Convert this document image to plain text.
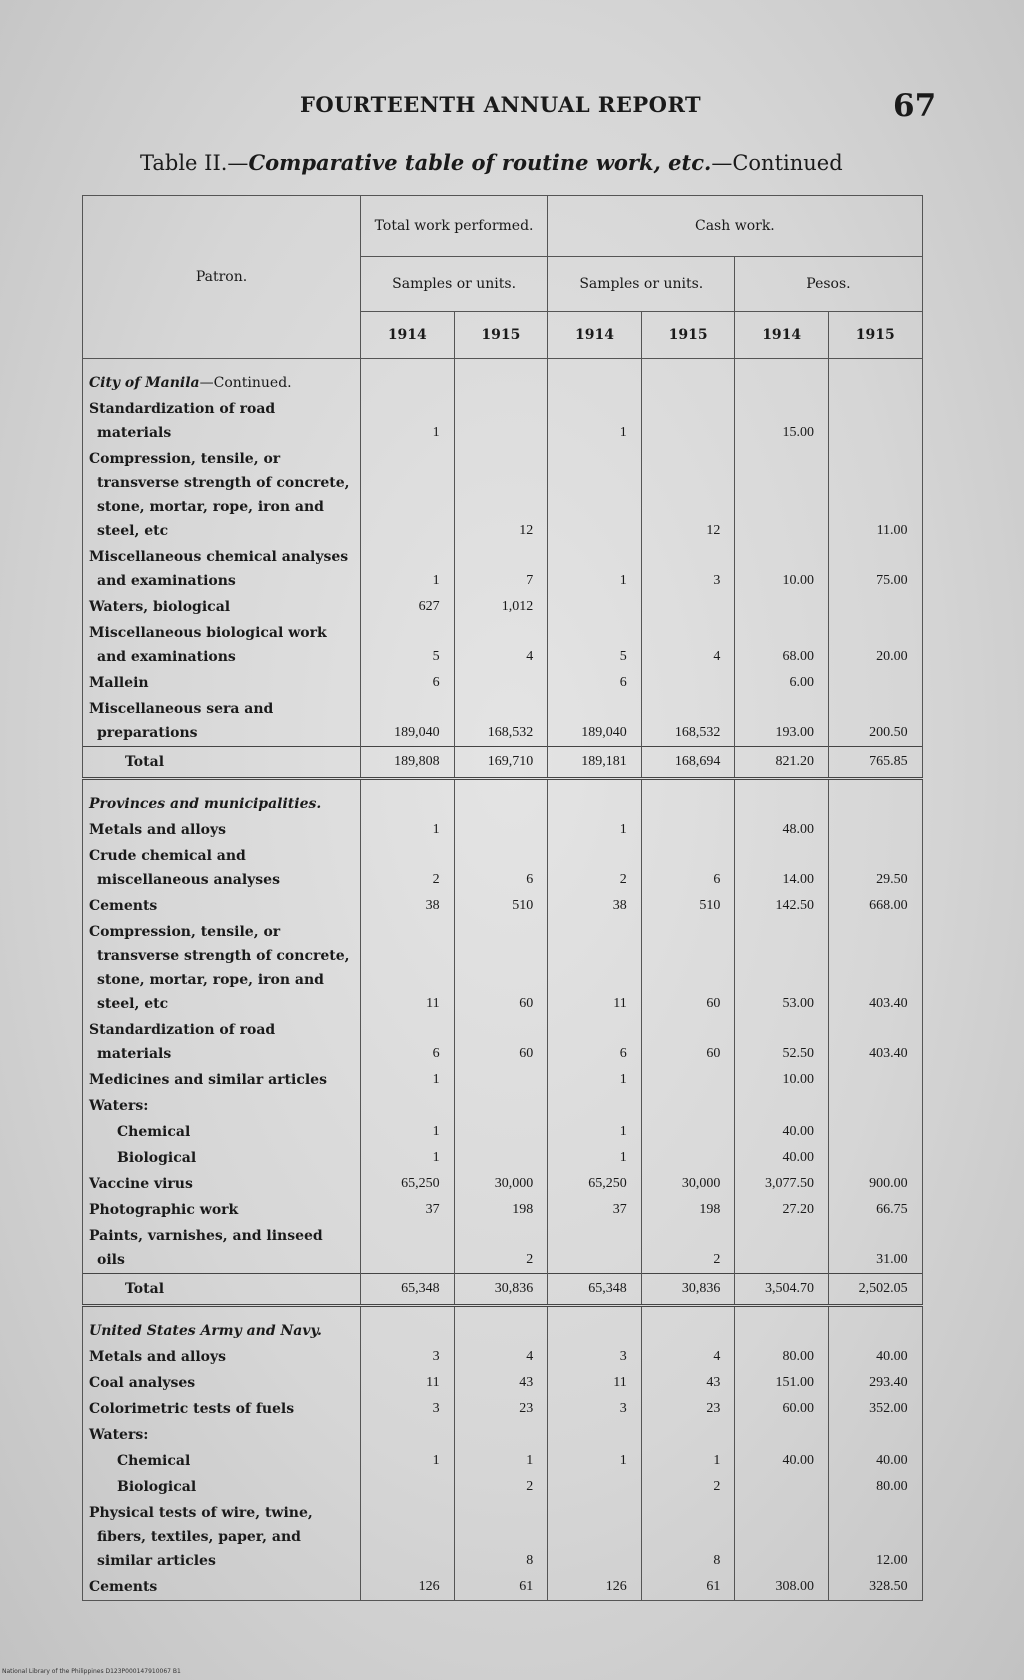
FOURTEENTH ANNUAL REPORT	67
Table II.—Comparative table of routine work, etc.—Continued
Patron.	Total work performed.		Cash work.			
	Samples or units.		Samples or units.		Pesos.	
	1914	1915	1914	1915	1914	1915
City of Manila—Continued.						
Standardization of road materials	1		1		15.00	
Compression, tensile, or transverse strength of concrete, stone, mortar, rope, iron and steel, etc		12		12		11.00
Miscellaneous chemical analyses and examinations	1	7	1	3	10.00	75.00
Waters, biological	627	1,012				
Miscellaneous biological work and examinations	5	4	5	4	68.00	20.00
Mallein	6		6		6.00	
Miscellaneous sera and preparations	189,040	168,532	189,040	168,532	193.00	200.50
Total	189,808	169,710	189,181	168,694	821.20	765.85
Provinces and municipalities.						
Metals and alloys	1		1		48.00	
Crude chemical and miscellaneous analyses	2	6	2	6	14.00	29.50
Cements	38	510	38	510	142.50	668.00
Compression, tensile, or transverse strength of concrete, stone, mortar, rope, iron and steel, etc	11	60	11	60	53.00	403.40
Standardization of road materials	6	60	6	60	52.50	403.40
Medicines and similar articles	1		1		10.00	
Waters:						
Chemical	1		1		40.00	
Biological	1		1		40.00	
Vaccine virus	65,250	30,000	65,250	30,000	3,077.50	900.00
Photographic work	37	198	37	198	27.20	66.75
Paints, varnishes, and linseed oils		2		2		31.00
Total	65,348	30,836	65,348	30,836	3,504.70	2,502.05
United States Army and Navy.						
Metals and alloys	3	4	3	4	80.00	40.00
Coal analyses	11	43	11	43	151.00	293.40
Colorimetric tests of fuels	3	23	3	23	60.00	352.00
Waters:						
Chemical	1	1	1	1	40.00	40.00
Biological		2		2		80.00
Physical tests of wire, twine, fibers, textiles, paper, and similar articles		8		8		12.00
Cements	126	61	126	61	308.00	328.50
National Library of the Philippines D123P000147910067 B1
